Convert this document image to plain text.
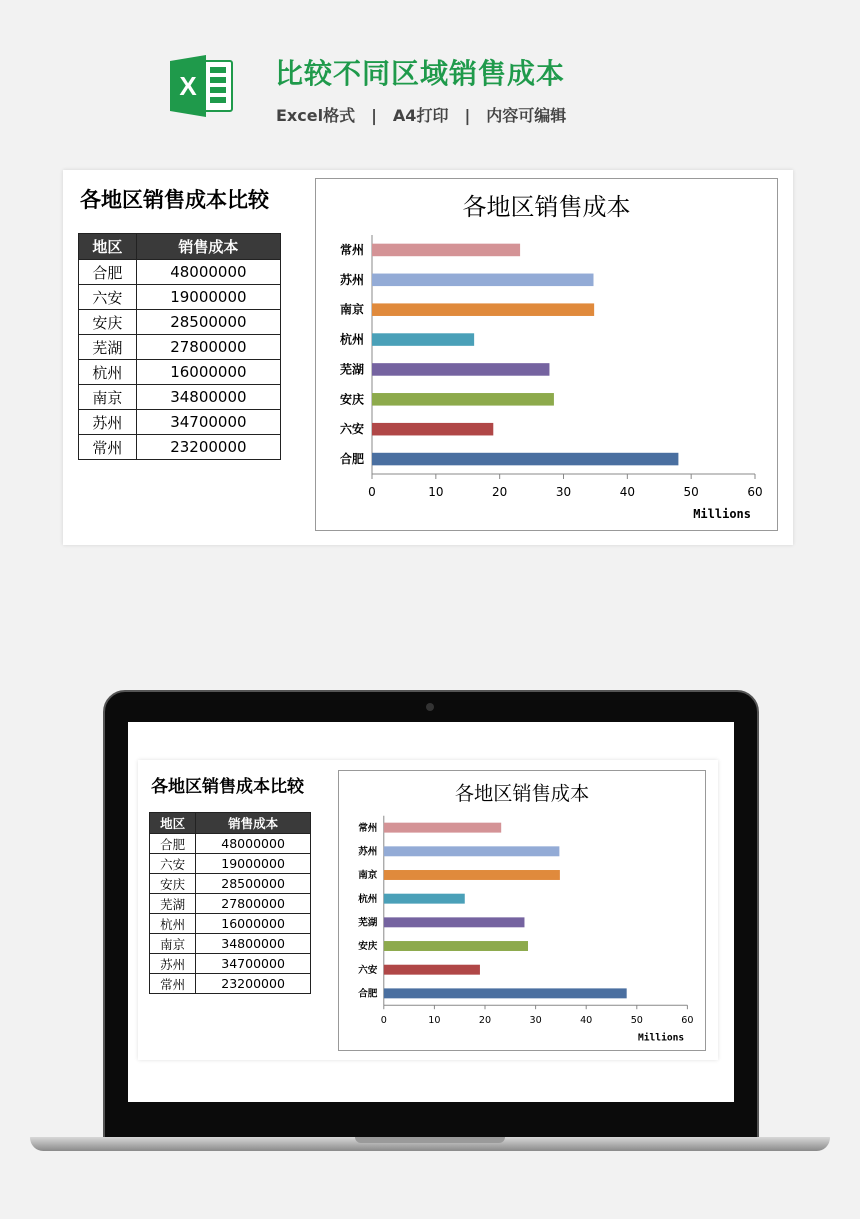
X	比较不同区域销售成本
Excel格式 | A4打印 | 内容可编辑
各地区销售成本比较
地区	销售成本
合肥	48000000
六安	19000000
安庆	28500000
芜湖	27800000
杭州	16000000
南京	34800000
苏州	34700000
常州	23200000
各地区销售成本
0	10	20	30	40	50	60
Millions
合肥
六安
安庆
芜湖
杭州
南京
苏州
常州
各地区销售成本比较
地区	销售成本
合肥	48000000
六安	19000000
安庆	28500000
芜湖	27800000
杭州	16000000
南京	34800000
苏州	34700000
常州	23200000
各地区销售成本
0	10	20	30	40	50	60
Millions
合肥
六安
安庆
芜湖
杭州
南京
苏州
常州
